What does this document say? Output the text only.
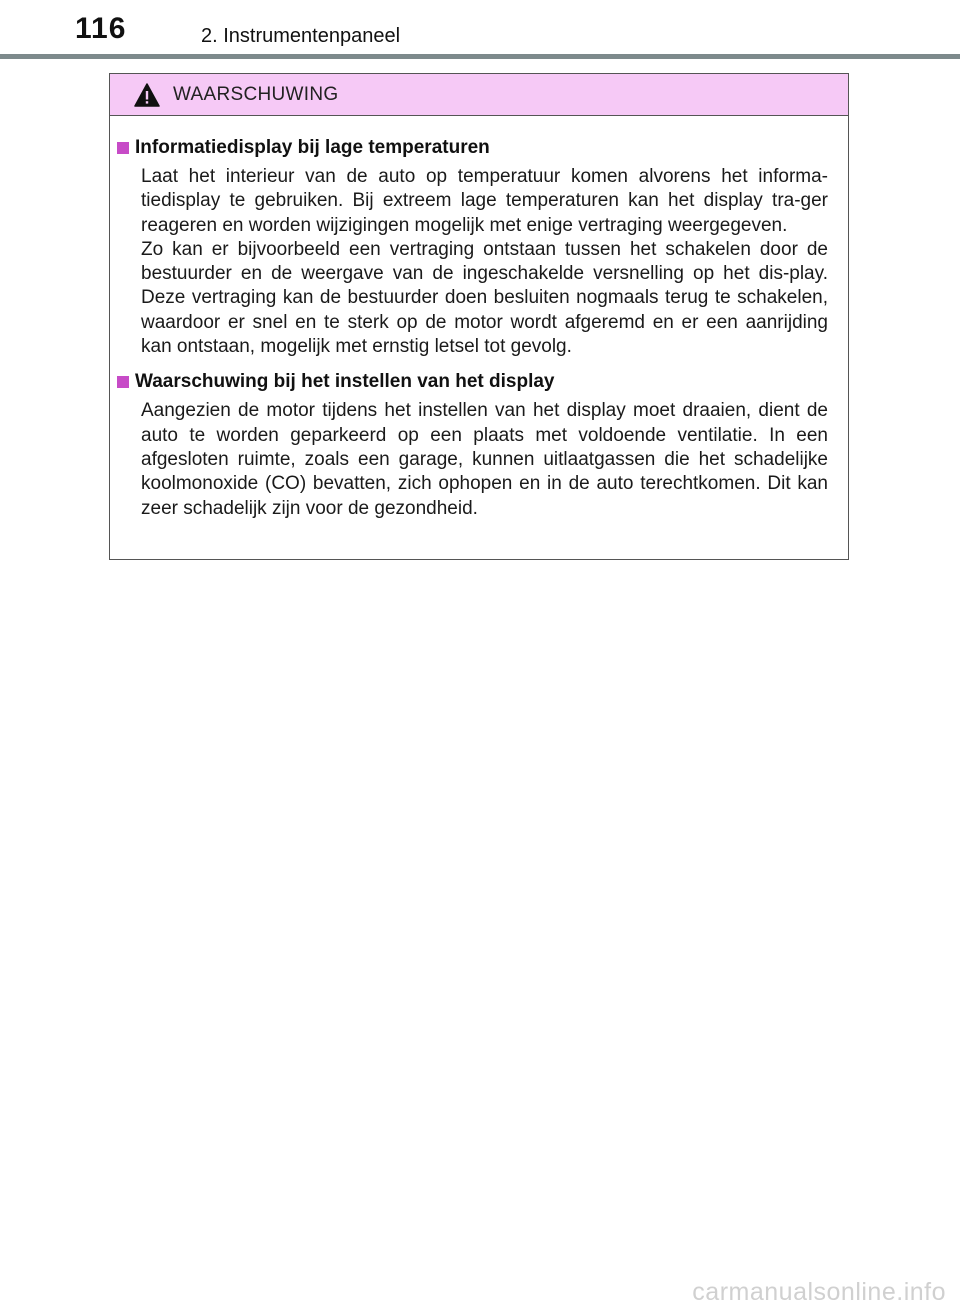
116	2. Instrumentenpaneel
WAARSCHUWING
Informatiedisplay bij lage temperaturen

Laat het interieur van de auto op temperatuur komen alvorens het informa-tiedisplay te gebruiken. Bij extreem lage temperaturen kan het display tra-ger reageren en worden wijzigingen mogelijk met enige vertraging weergegeven.

Zo kan er bijvoorbeeld een vertraging ontstaan tussen het schakelen door de bestuurder en de weergave van de ingeschakelde versnelling op het dis-play. Deze vertraging kan de bestuurder doen besluiten nogmaals terug te schakelen, waardoor er snel en te sterk op de motor wordt afgeremd en er een aanrijding kan ontstaan, mogelijk met ernstig letsel tot gevolg.

Waarschuwing bij het instellen van het display

Aangezien de motor tijdens het instellen van het display moet draaien, dient de auto te worden geparkeerd op een plaats met voldoende ventilatie. In een afgesloten ruimte, zoals een garage, kunnen uitlaatgassen die het schadelijke koolmonoxide (CO) bevatten, zich ophopen en in de auto terechtkomen. Dit kan zeer schadelijk zijn voor de gezondheid.

carmanualsonline.info
